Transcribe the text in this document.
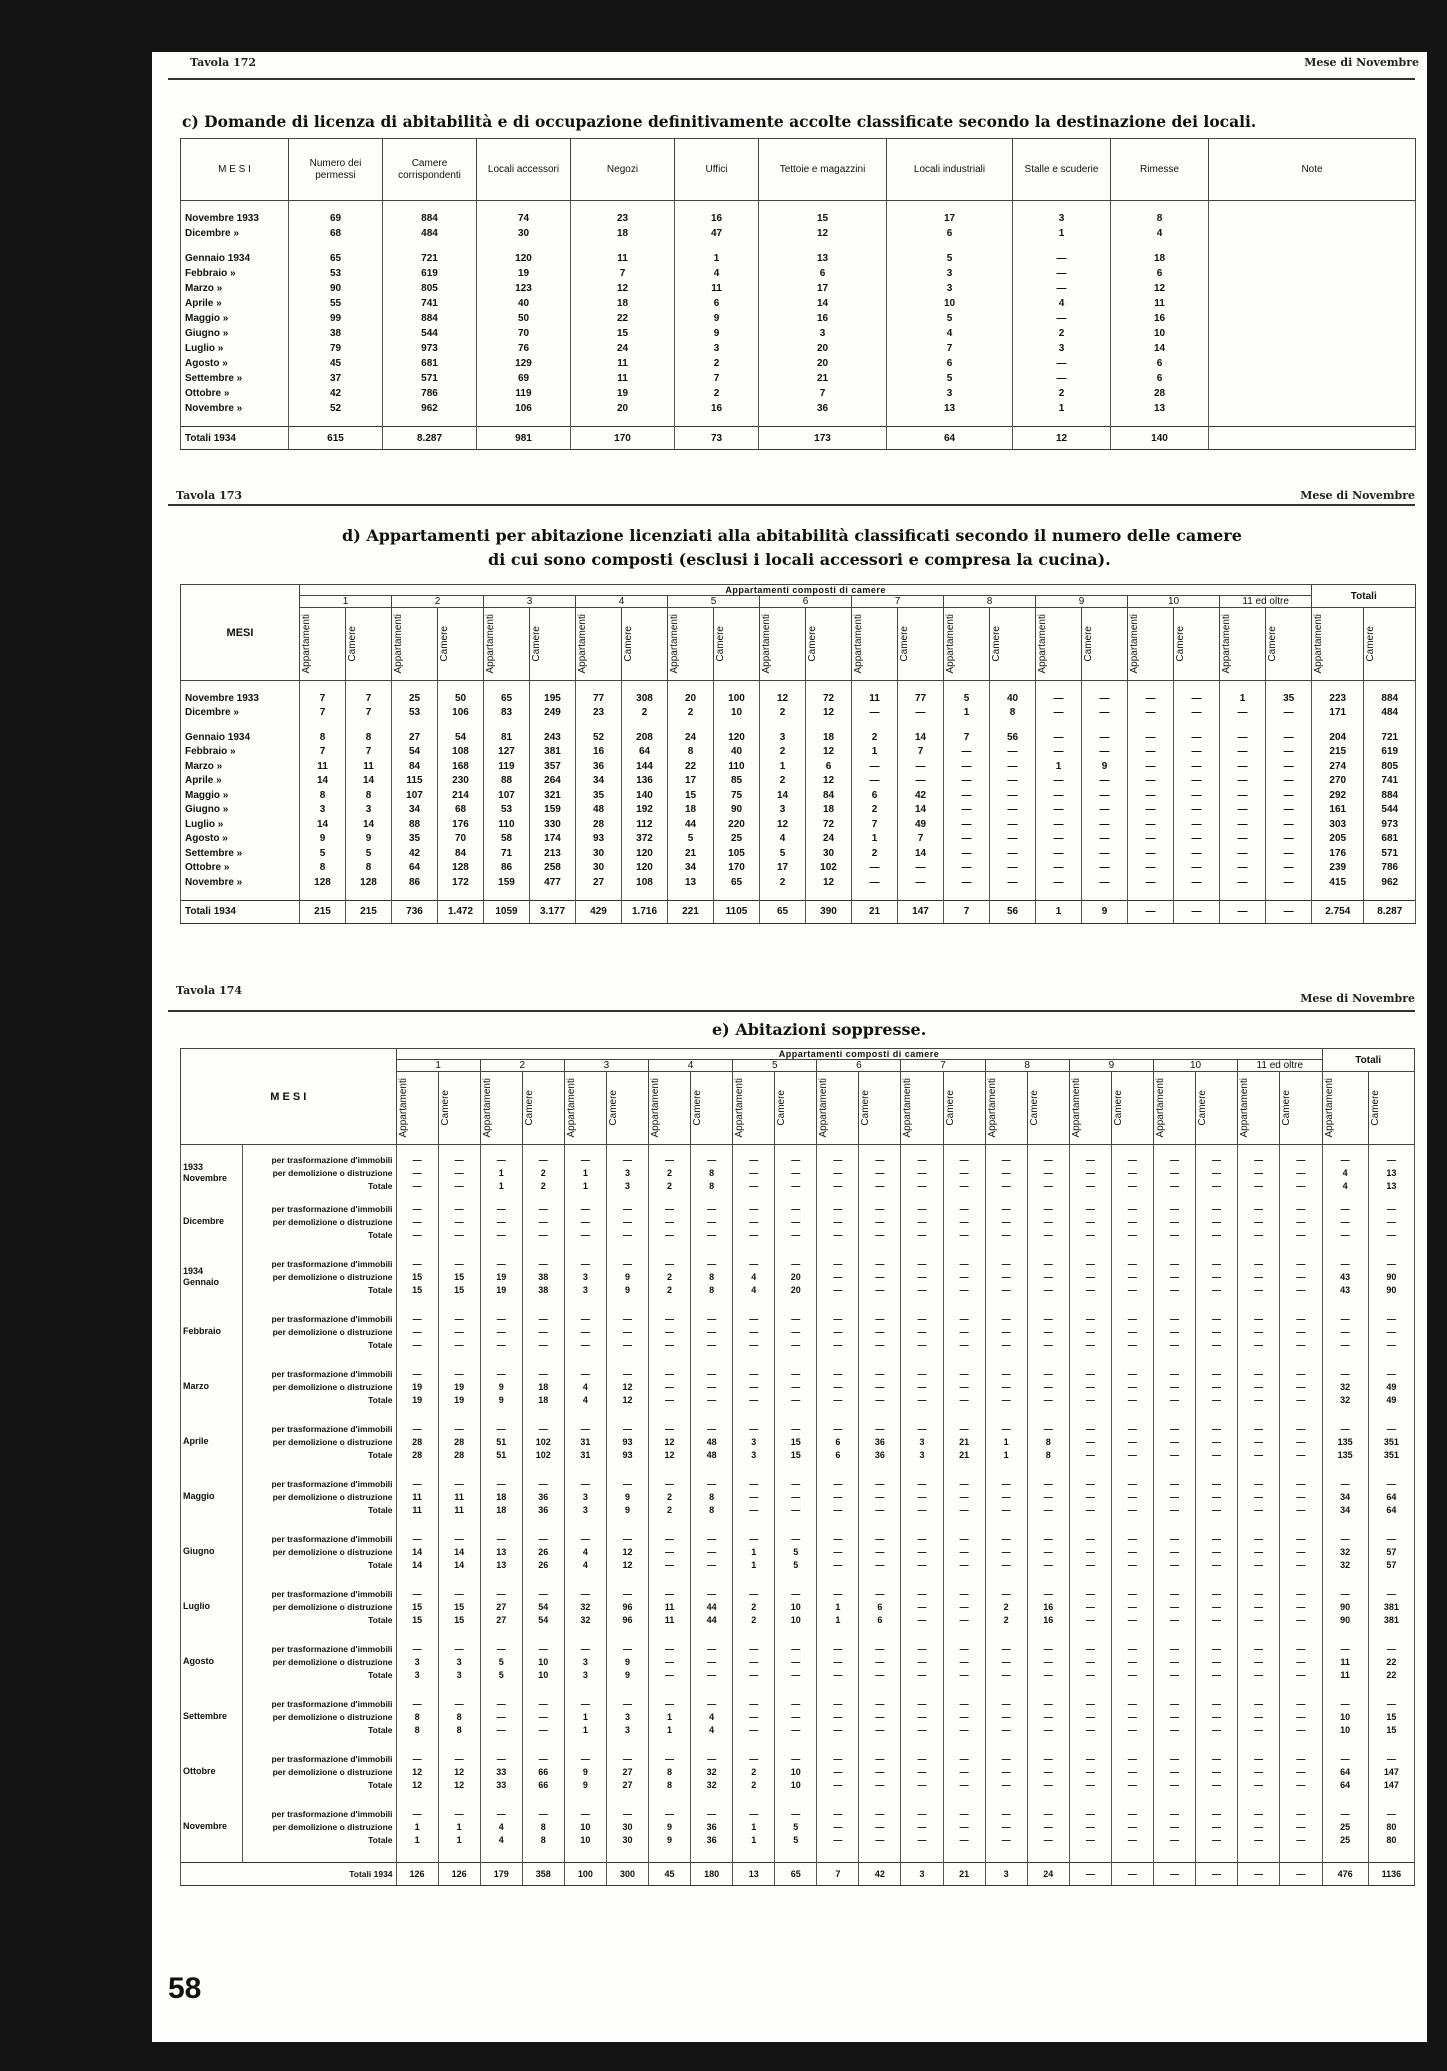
Tavola 172	Mese di Novembre
c) Domande di licenza di abitabilità e di occupazione definitivamente accolte classificate secondo la destinazione dei locali.
M E S I	Numero dei permessi	Camere corrispondenti	Locali accessori	Negozi	Uffici	Tettoie e magazzini	Locali industriali	Stalle e scuderie	Rimesse	Note

Novembre 1933	69	884	74	23	16	15	17	3	8	
Dicembre »	68	484	30	18	47	12	6	1	4	

Gennaio 1934	65	721	120	11	1	13	5	—	18	
Febbraio »	53	619	19	7	4	6	3	—	6	
Marzo »	90	805	123	12	11	17	3	—	12	
Aprile »	55	741	40	18	6	14	10	4	11	
Maggio »	99	884	50	22	9	16	5	—	16	
Giugno »	38	544	70	15	9	3	4	2	10	
Luglio »	79	973	76	24	3	20	7	3	14	
Agosto »	45	681	129	11	2	20	6	—	6	
Settembre »	37	571	69	11	7	21	5	—	6	
Ottobre »	42	786	119	19	2	7	3	2	28	
Novembre »	52	962	106	20	16	36	13	1	13	

Totali 1934	615	8.287	981	170	73	173	64	12	140	
Tavola 173	Mese di Novembre
d) Appartamenti per abitazione licenziati alla abitabilità classificati secondo il numero delle camere
di cui sono composti (esclusi i locali accessori e compresa la cucina).
MESI	Appartamenti composti di camere																						Totali	
	1		2		3		4		5		6		7		8		9		10		11 ed oltre			

	Appartamenti	Camere	Appartamenti	Camere	Appartamenti	Camere	Appartamenti	Camere	Appartamenti	Camere	Appartamenti	Camere	Appartamenti	Camere	Appartamenti	Camere	Appartamenti	Camere	Appartamenti	Camere	Appartamenti	Camere	Appartamenti	Camere

Novembre 1933	7	7	25	50	65	195	77	308	20	100	12	72	11	77	5	40	—	—	—	—	1	35	223	884
Dicembre »	7	7	53	106	83	249	23	2	2	10	2	12	—	—	1	8	—	—	—	—	—	—	171	484

Gennaio 1934	8	8	27	54	81	243	52	208	24	120	3	18	2	14	7	56	—	—	—	—	—	—	204	721
Febbraio »	7	7	54	108	127	381	16	64	8	40	2	12	1	7	—	—	—	—	—	—	—	—	215	619
Marzo »	11	11	84	168	119	357	36	144	22	110	1	6	—	—	—	—	1	9	—	—	—	—	274	805
Aprile »	14	14	115	230	88	264	34	136	17	85	2	12	—	—	—	—	—	—	—	—	—	—	270	741
Maggio »	8	8	107	214	107	321	35	140	15	75	14	84	6	42	—	—	—	—	—	—	—	—	292	884
Giugno »	3	3	34	68	53	159	48	192	18	90	3	18	2	14	—	—	—	—	—	—	—	—	161	544
Luglio »	14	14	88	176	110	330	28	112	44	220	12	72	7	49	—	—	—	—	—	—	—	—	303	973
Agosto »	9	9	35	70	58	174	93	372	5	25	4	24	1	7	—	—	—	—	—	—	—	—	205	681
Settembre »	5	5	42	84	71	213	30	120	21	105	5	30	2	14	—	—	—	—	—	—	—	—	176	571
Ottobre »	8	8	64	128	86	258	30	120	34	170	17	102	—	—	—	—	—	—	—	—	—	—	239	786
Novembre »	128	128	86	172	159	477	27	108	13	65	2	12	—	—	—	—	—	—	—	—	—	—	415	962

Totali 1934	215	215	736	1.472	1059	3.177	429	1.716	221	1105	65	390	21	147	7	56	1	9	—	—	—	—	2.754	8.287
Tavola 174
Mese di Novembre
e) Abitazioni soppresse.
M E S I		Appartamenti composti di camere																						Totali	
		1		2		3		4		5		6		7		8		9		10		11 ed oltre			

		Appartamenti	Camere	Appartamenti	Camere	Appartamenti	Camere	Appartamenti	Camere	Appartamenti	Camere	Appartamenti	Camere	Appartamenti	Camere	Appartamenti	Camere	Appartamenti	Camere	Appartamenti	Camere	Appartamenti	Camere	Appartamenti	Camere

1933 Novembre	per trasformazione d'immobili	—	—	—	—	—	—	—	—	—	—	—	—	—	—	—	—	—	—	—	—	—	—	—	—
	per demolizione o distruzione	—	—	1	2	1	3	2	8	—	—	—	—	—	—	—	—	—	—	—	—	—	—	4	13
	Totale	—	—	1	2	1	3	2	8	—	—	—	—	—	—	—	—	—	—	—	—	—	—	4	13

Dicembre	per trasformazione d'immobili	—	—	—	—	—	—	—	—	—	—	—	—	—	—	—	—	—	—	—	—	—	—	—	—
	per demolizione o distruzione	—	—	—	—	—	—	—	—	—	—	—	—	—	—	—	—	—	—	—	—	—	—	—	—
	Totale	—	—	—	—	—	—	—	—	—	—	—	—	—	—	—	—	—	—	—	—	—	—	—	—

1934 Gennaio	per trasformazione d'immobili	—	—	—	—	—	—	—	—	—	—	—	—	—	—	—	—	—	—	—	—	—	—	—	—
	per demolizione o distruzione	15	15	19	38	3	9	2	8	4	20	—	—	—	—	—	—	—	—	—	—	—	—	43	90
	Totale	15	15	19	38	3	9	2	8	4	20	—	—	—	—	—	—	—	—	—	—	—	—	43	90

Febbraio	per trasformazione d'immobili	—	—	—	—	—	—	—	—	—	—	—	—	—	—	—	—	—	—	—	—	—	—	—	—
	per demolizione o distruzione	—	—	—	—	—	—	—	—	—	—	—	—	—	—	—	—	—	—	—	—	—	—	—	—
	Totale	—	—	—	—	—	—	—	—	—	—	—	—	—	—	—	—	—	—	—	—	—	—	—	—

Marzo	per trasformazione d'immobili	—	—	—	—	—	—	—	—	—	—	—	—	—	—	—	—	—	—	—	—	—	—	—	—
	per demolizione o distruzione	19	19	9	18	4	12	—	—	—	—	—	—	—	—	—	—	—	—	—	—	—	—	32	49
	Totale	19	19	9	18	4	12	—	—	—	—	—	—	—	—	—	—	—	—	—	—	—	—	32	49

Aprile	per trasformazione d'immobili	—	—	—	—	—	—	—	—	—	—	—	—	—	—	—	—	—	—	—	—	—	—	—	—
	per demolizione o distruzione	28	28	51	102	31	93	12	48	3	15	6	36	3	21	1	8	—	—	—	—	—	—	135	351
	Totale	28	28	51	102	31	93	12	48	3	15	6	36	3	21	1	8	—	—	—	—	—	—	135	351

Maggio	per trasformazione d'immobili	—	—	—	—	—	—	—	—	—	—	—	—	—	—	—	—	—	—	—	—	—	—	—	—
	per demolizione o distruzione	11	11	18	36	3	9	2	8	—	—	—	—	—	—	—	—	—	—	—	—	—	—	34	64
	Totale	11	11	18	36	3	9	2	8	—	—	—	—	—	—	—	—	—	—	—	—	—	—	34	64

Giugno	per trasformazione d'immobili	—	—	—	—	—	—	—	—	—	—	—	—	—	—	—	—	—	—	—	—	—	—	—	—
	per demolizione o distruzione	14	14	13	26	4	12	—	—	1	5	—	—	—	—	—	—	—	—	—	—	—	—	32	57
	Totale	14	14	13	26	4	12	—	—	1	5	—	—	—	—	—	—	—	—	—	—	—	—	32	57

Luglio	per trasformazione d'immobili	—	—	—	—	—	—	—	—	—	—	—	—	—	—	—	—	—	—	—	—	—	—	—	—
	per demolizione o distruzione	15	15	27	54	32	96	11	44	2	10	1	6	—	—	2	16	—	—	—	—	—	—	90	381
	Totale	15	15	27	54	32	96	11	44	2	10	1	6	—	—	2	16	—	—	—	—	—	—	90	381

Agosto	per trasformazione d'immobili	—	—	—	—	—	—	—	—	—	—	—	—	—	—	—	—	—	—	—	—	—	—	—	—
	per demolizione o distruzione	3	3	5	10	3	9	—	—	—	—	—	—	—	—	—	—	—	—	—	—	—	—	11	22
	Totale	3	3	5	10	3	9	—	—	—	—	—	—	—	—	—	—	—	—	—	—	—	—	11	22

Settembre	per trasformazione d'immobili	—	—	—	—	—	—	—	—	—	—	—	—	—	—	—	—	—	—	—	—	—	—	—	—
	per demolizione o distruzione	8	8	—	—	1	3	1	4	—	—	—	—	—	—	—	—	—	—	—	—	—	—	10	15
	Totale	8	8	—	—	1	3	1	4	—	—	—	—	—	—	—	—	—	—	—	—	—	—	10	15

Ottobre	per trasformazione d'immobili	—	—	—	—	—	—	—	—	—	—	—	—	—	—	—	—	—	—	—	—	—	—	—	—
	per demolizione o distruzione	12	12	33	66	9	27	8	32	2	10	—	—	—	—	—	—	—	—	—	—	—	—	64	147
	Totale	12	12	33	66	9	27	8	32	2	10	—	—	—	—	—	—	—	—	—	—	—	—	64	147

Novembre	per trasformazione d'immobili	—	—	—	—	—	—	—	—	—	—	—	—	—	—	—	—	—	—	—	—	—	—	—	—
	per demolizione o distruzione	1	1	4	8	10	30	9	36	1	5	—	—	—	—	—	—	—	—	—	—	—	—	25	80
	Totale	1	1	4	8	10	30	9	36	1	5	—	—	—	—	—	—	—	—	—	—	—	—	25	80

Totali 1934		126	126	179	358	100	300	45	180	13	65	7	42	3	21	3	24	—	—	—	—	—	—	476	1136
58
